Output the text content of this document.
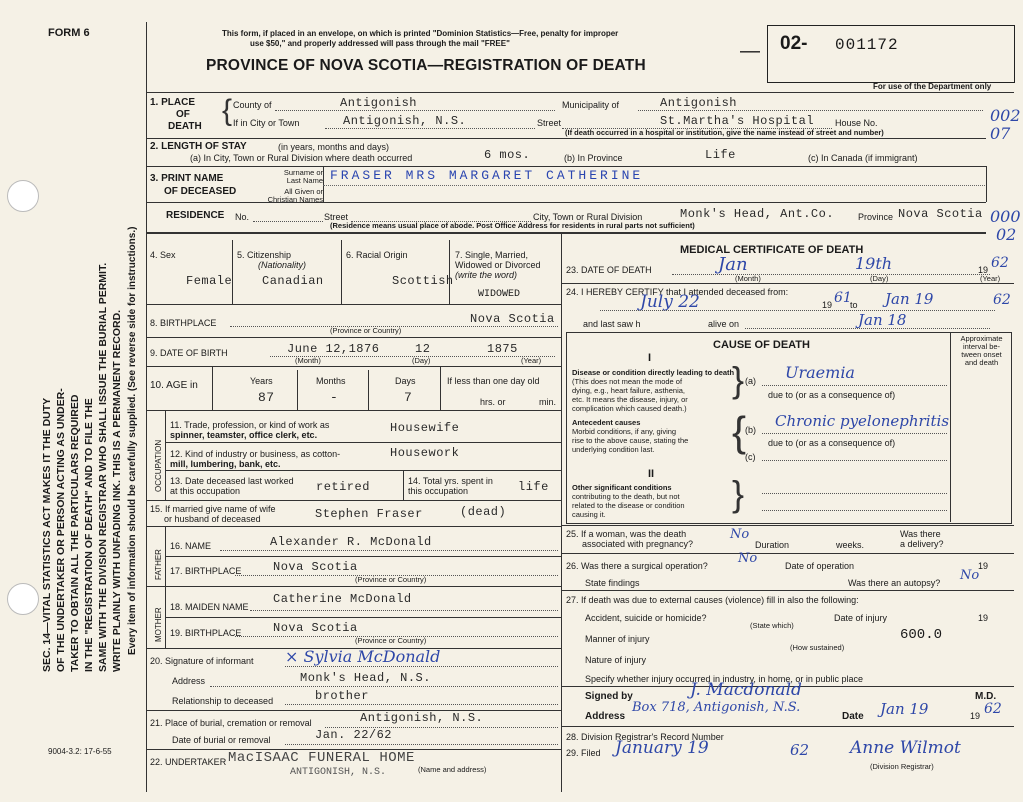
FORM 6
SEC. 14—VITAL STATISTICS ACT MAKES IT THE DUTY OF THE UNDERTAKER OR PERSON ACTING AS UNDER- TAKER TO OBTAIN ALL THE PARTICULARS REQUIRED IN THE "REGISTRATION OF DEATH" AND TO FILE THE SAME WITH THE DIVISION REGISTRAR WHO SHALL ISSUE THE BURIAL PERMIT. WRITE PLAINLY WITH UNFADING INK. THIS IS A PERMANENT RECORD. Every item of information should be carefully supplied. (See reverse side for instructions.)
This form, if placed in an envelope, on which is printed "Dominion Statistics—Free, penalty for improper
use $50," and properly addressed will pass through the mail "FREE"
PROVINCE OF NOVA SCOTIA—REGISTRATION OF DEATH
— 02- 001172
For use of the Department only
002
07
000
02
1. PLACE
OF
DEATH { County of	Antigonish	Municipality of	Antigonish
If in City or Town	Antigonish, N.S.	Street	St.Martha's Hospital House No.
(If death occurred in a hospital or institution, give the name instead of street and number)
2. LENGTH OF STAY	(in years, months and days)
(a) In City, Town or Rural Division where death occurred	6 mos.	(b) In Province	Life	(c) In Canada (if immigrant)
3. PRINT NAME
OF DECEASED
Surname or
Last Name
All Given or
Christian Names
FRASER MRS MARGARET CATHERINE
RESIDENCE No.	Street	City, Town or Rural Division	Monk's Head, Ant.Co.	Province Nova Scotia
(Residence means usual place of abode. Post Office Address for residents in rural parts not sufficient)
4. Sex
Female
5. Citizenship
(Nationality)
Canadian
6. Racial Origin
Scottish
7. Single, Married,
Widowed or Divorced
(write the word)
WIDOWED
8. BIRTHPLACE	Nova Scotia
(Province or Country)
9. DATE OF BIRTH	June 12,1876	12	1875
(Month)	(Day)	(Year)
10. AGE in	Years	Months	Days
87	-	7
If less than one day old
hrs. or	min.
OCCUPATION
11. Trade, profession, or kind of work as
spinner, teamster, office clerk, etc.	Housewife
12. Kind of industry or business, as cotton-
mill, lumbering, bank, etc.
Housework
13. Date deceased last worked
at this occupation	retired	14. Total yrs. spent in
this occupation	life
15. If married give name of wife
or husband of deceased	Stephen Fraser	(dead)
FATHER
16. NAME	Alexander R. McDonald
17. BIRTHPLACE	Nova Scotia
(Province or Country)
MOTHER
18. MAIDEN NAME
Catherine McDonald
19. BIRTHPLACE	Nova Scotia
(Province or Country)
20. Signature of informant × Sylvia McDonald
Address	Monk's Head, N.S.
Relationship to deceased	brother
21. Place of burial, cremation or removal	Antigonish, N.S.
Date of burial or removal	Jan. 22/62
22. UNDERTAKER MacISAAC FUNERAL HOME
ANTIGONISH, N.S.	(Name and address)
9004-3.2: 17-6-55
MEDICAL CERTIFICATE OF DEATH
23. DATE OF DEATH	Jan	19th	19 62
(Month)	(Day)	(Year)
24. I HEREBY CERTIFY that I attended deceased from:
July 22	19 61
to Jan 19	62
and last saw h	alive on	Jan 18
CAUSE OF DEATH
Approximate
interval be-
tween onset
and death
I
Disease or condition directly leading to death
(This does not mean the mode of
dying, e.g., heart failure, asthenia,
etc. It means the disease, injury, or
complication which caused death.)
} (a) Uraemia
due to (or as a consequence of)
Antecedent causes
Morbid conditions, if any, giving
rise to the above cause, stating the
underlying condition last.	{
(b) Chronic pyelonephritis
due to (or as a consequence of)
(c)
II
Other significant conditions
contributing to the death, but not
related to the disease or condition
causing it.
}
25. If a woman, was the death
associated with pregnancy?
No
Duration	weeks.
Was there
a delivery?
26. Was there a surgical operation? No	Date of operation	19
State findings	Was there an autopsy? No
27. If death was due to external causes (violence) fill in also the following:
Accident, suicide or homicide?
(State which)
Date of injury	19
Manner of injury	600.0
(How sustained)
Nature of injury
Specify whether injury occurred in industry, in home, or in public place
Signed by	J. Macdonald	M.D.
Address
Box 718, Antigonish, N.S.
Date Jan 19	19 62
28. Division Registrar's Record Number
29. Filed January 19	62 Anne Wilmot
(Division Registrar)
